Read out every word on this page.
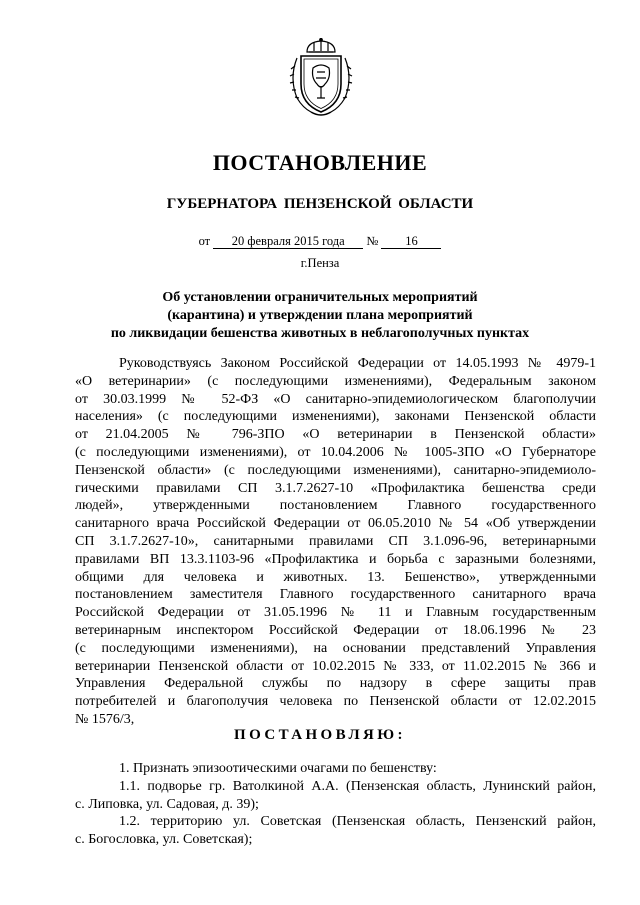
ПОСТАНОВЛЕНИЕ
ГУБЕРНАТОРА ПЕНЗЕНСКОЙ ОБЛАСТИ
от 20 февраля 2015 года № 16
г.Пенза
Об установлении ограничительных мероприятий
(карантина) и утверждении плана мероприятий
по ликвидации бешенства животных в неблагополучных пунктах
Руководствуясь Законом Российской Федерации от 14.05.1993 № 4979-1
«О ветеринарии» (с последующими изменениями), Федеральным законом
от 30.03.1999 № 52-ФЗ «О санитарно-эпидемиологическом благополучии
населения» (с последующими изменениями), законами Пензенской области
от 21.04.2005 № 796-ЗПО «О ветеринарии в Пензенской области»
(с последующими изменениями), от 10.04.2006 № 1005-ЗПО «О Губернаторе
Пензенской области» (с последующими изменениями), санитарно-эпидемиоло-
гическими правилами СП 3.1.7.2627-10 «Профилактика бешенства среди
людей», утвержденными постановлением Главного государственного
санитарного врача Российской Федерации от 06.05.2010 № 54 «Об утверждении
СП 3.1.7.2627-10», санитарными правилами СП 3.1.096-96, ветеринарными
правилами ВП 13.3.1103-96 «Профилактика и борьба с заразными болезнями,
общими для человека и животных. 13. Бешенство», утвержденными
постановлением заместителя Главного государственного санитарного врача
Российской Федерации от 31.05.1996 № 11 и Главным государственным
ветеринарным инспектором Российской Федерации от 18.06.1996 № 23
(с последующими изменениями), на основании представлений Управления
ветеринарии Пензенской области от 10.02.2015 № 333, от 11.02.2015 № 366 и
Управления Федеральной службы по надзору в сфере защиты прав
потребителей и благополучия человека по Пензенской области от 12.02.2015
№ 1576/3,
ПОСТАНОВЛЯЮ:
1. Признать эпизоотическими очагами по бешенству:
1.1. подворье гр. Ватолкиной А.А. (Пензенская область, Лунинский район,
с. Липовка, ул. Садовая, д. 39);
1.2. территорию ул. Советская (Пензенская область, Пензенский район,
с. Богословка, ул. Советская);
